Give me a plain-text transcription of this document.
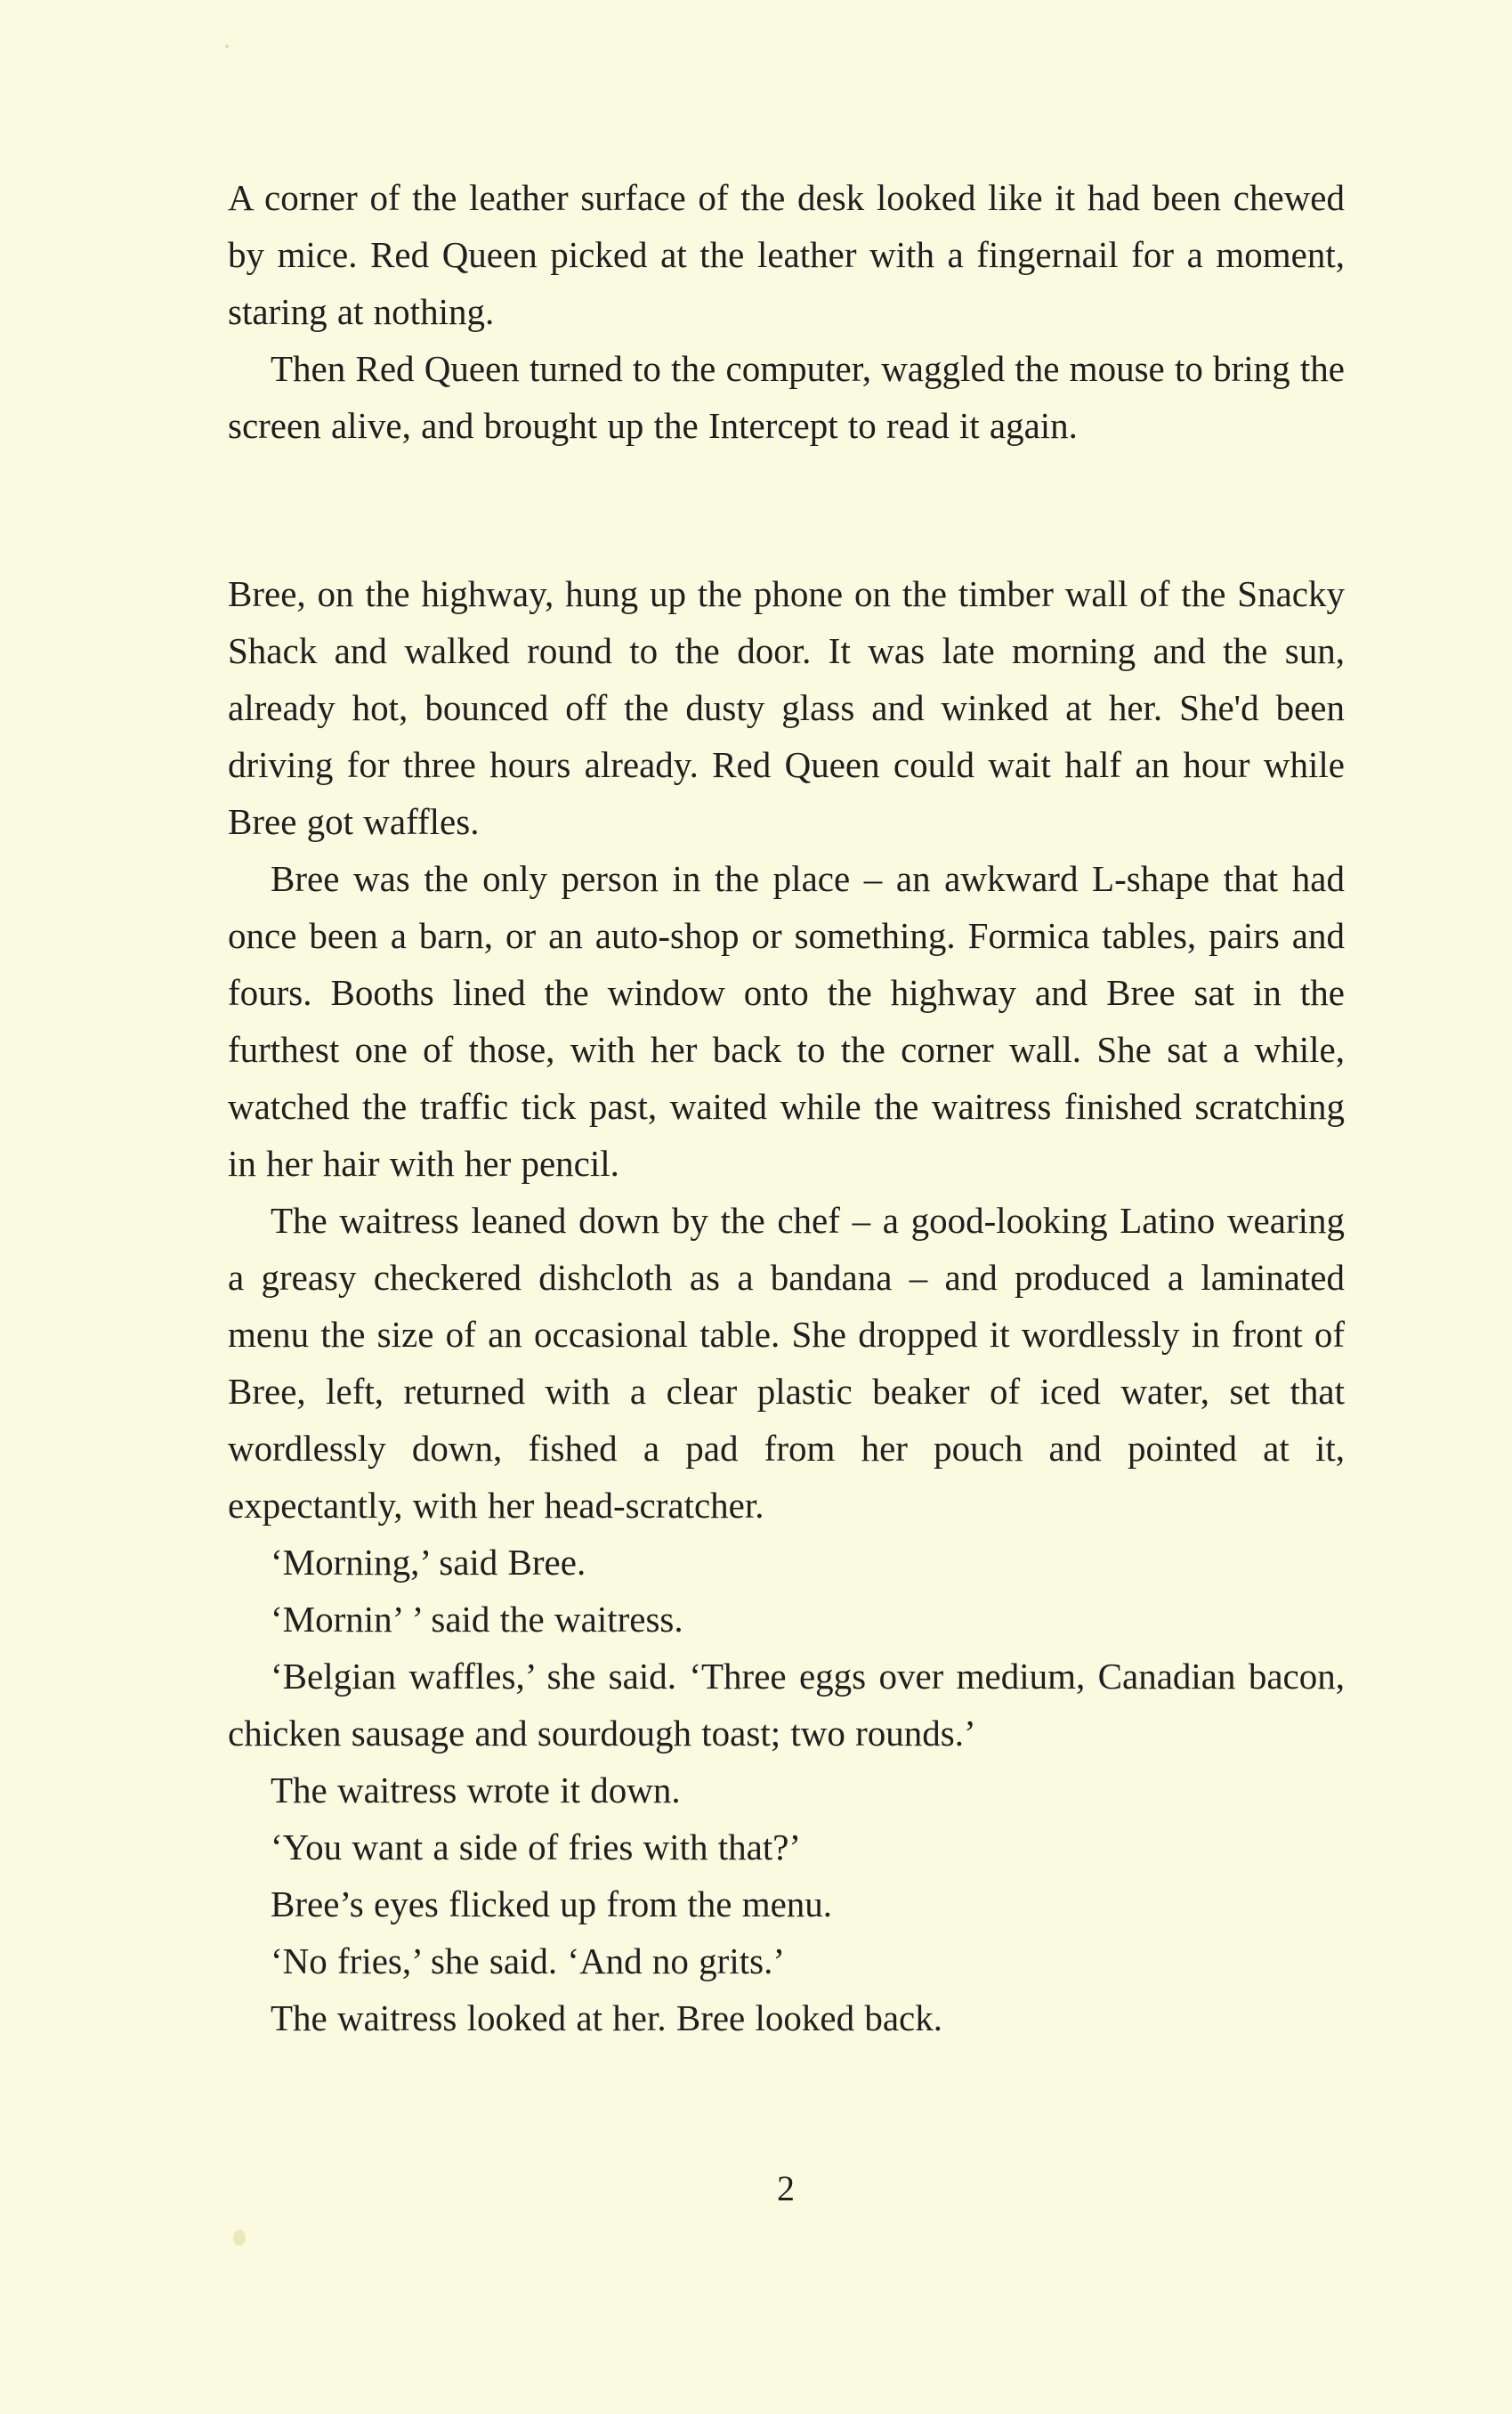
A corner of the leather surface of the desk looked like it had been chewed by mice. Red Queen picked at the leather with a fingernail for a moment, staring at nothing.

Then Red Queen turned to the computer, waggled the mouse to bring the screen alive, and brought up the Intercept to read it again.

Bree, on the highway, hung up the phone on the timber wall of the Snacky Shack and walked round to the door. It was late morning and the sun, already hot, bounced off the dusty glass and winked at her. She'd been driving for three hours already. Red Queen could wait half an hour while Bree got waffles.

Bree was the only person in the place – an awkward L-shape that had once been a barn, or an auto-shop or something. Formica tables, pairs and fours. Booths lined the window onto the highway and Bree sat in the furthest one of those, with her back to the corner wall. She sat a while, watched the traffic tick past, waited while the waitress finished scratching in her hair with her pencil.

The waitress leaned down by the chef – a good-looking Latino wearing a greasy checkered dishcloth as a bandana – and produced a laminated menu the size of an occasional table. She dropped it wordlessly in front of Bree, left, returned with a clear plastic beaker of iced water, set that wordlessly down, fished a pad from her pouch and pointed at it, expectantly, with her head-scratcher.

‘Morning,’ said Bree.

‘Mornin’ ’ said the waitress.

‘Belgian waffles,’ she said. ‘Three eggs over medium, Canadian bacon, chicken sausage and sourdough toast; two rounds.’

The waitress wrote it down.

‘You want a side of fries with that?’

Bree’s eyes flicked up from the menu.

‘No fries,’ she said. ‘And no grits.’

The waitress looked at her. Bree looked back.

2
